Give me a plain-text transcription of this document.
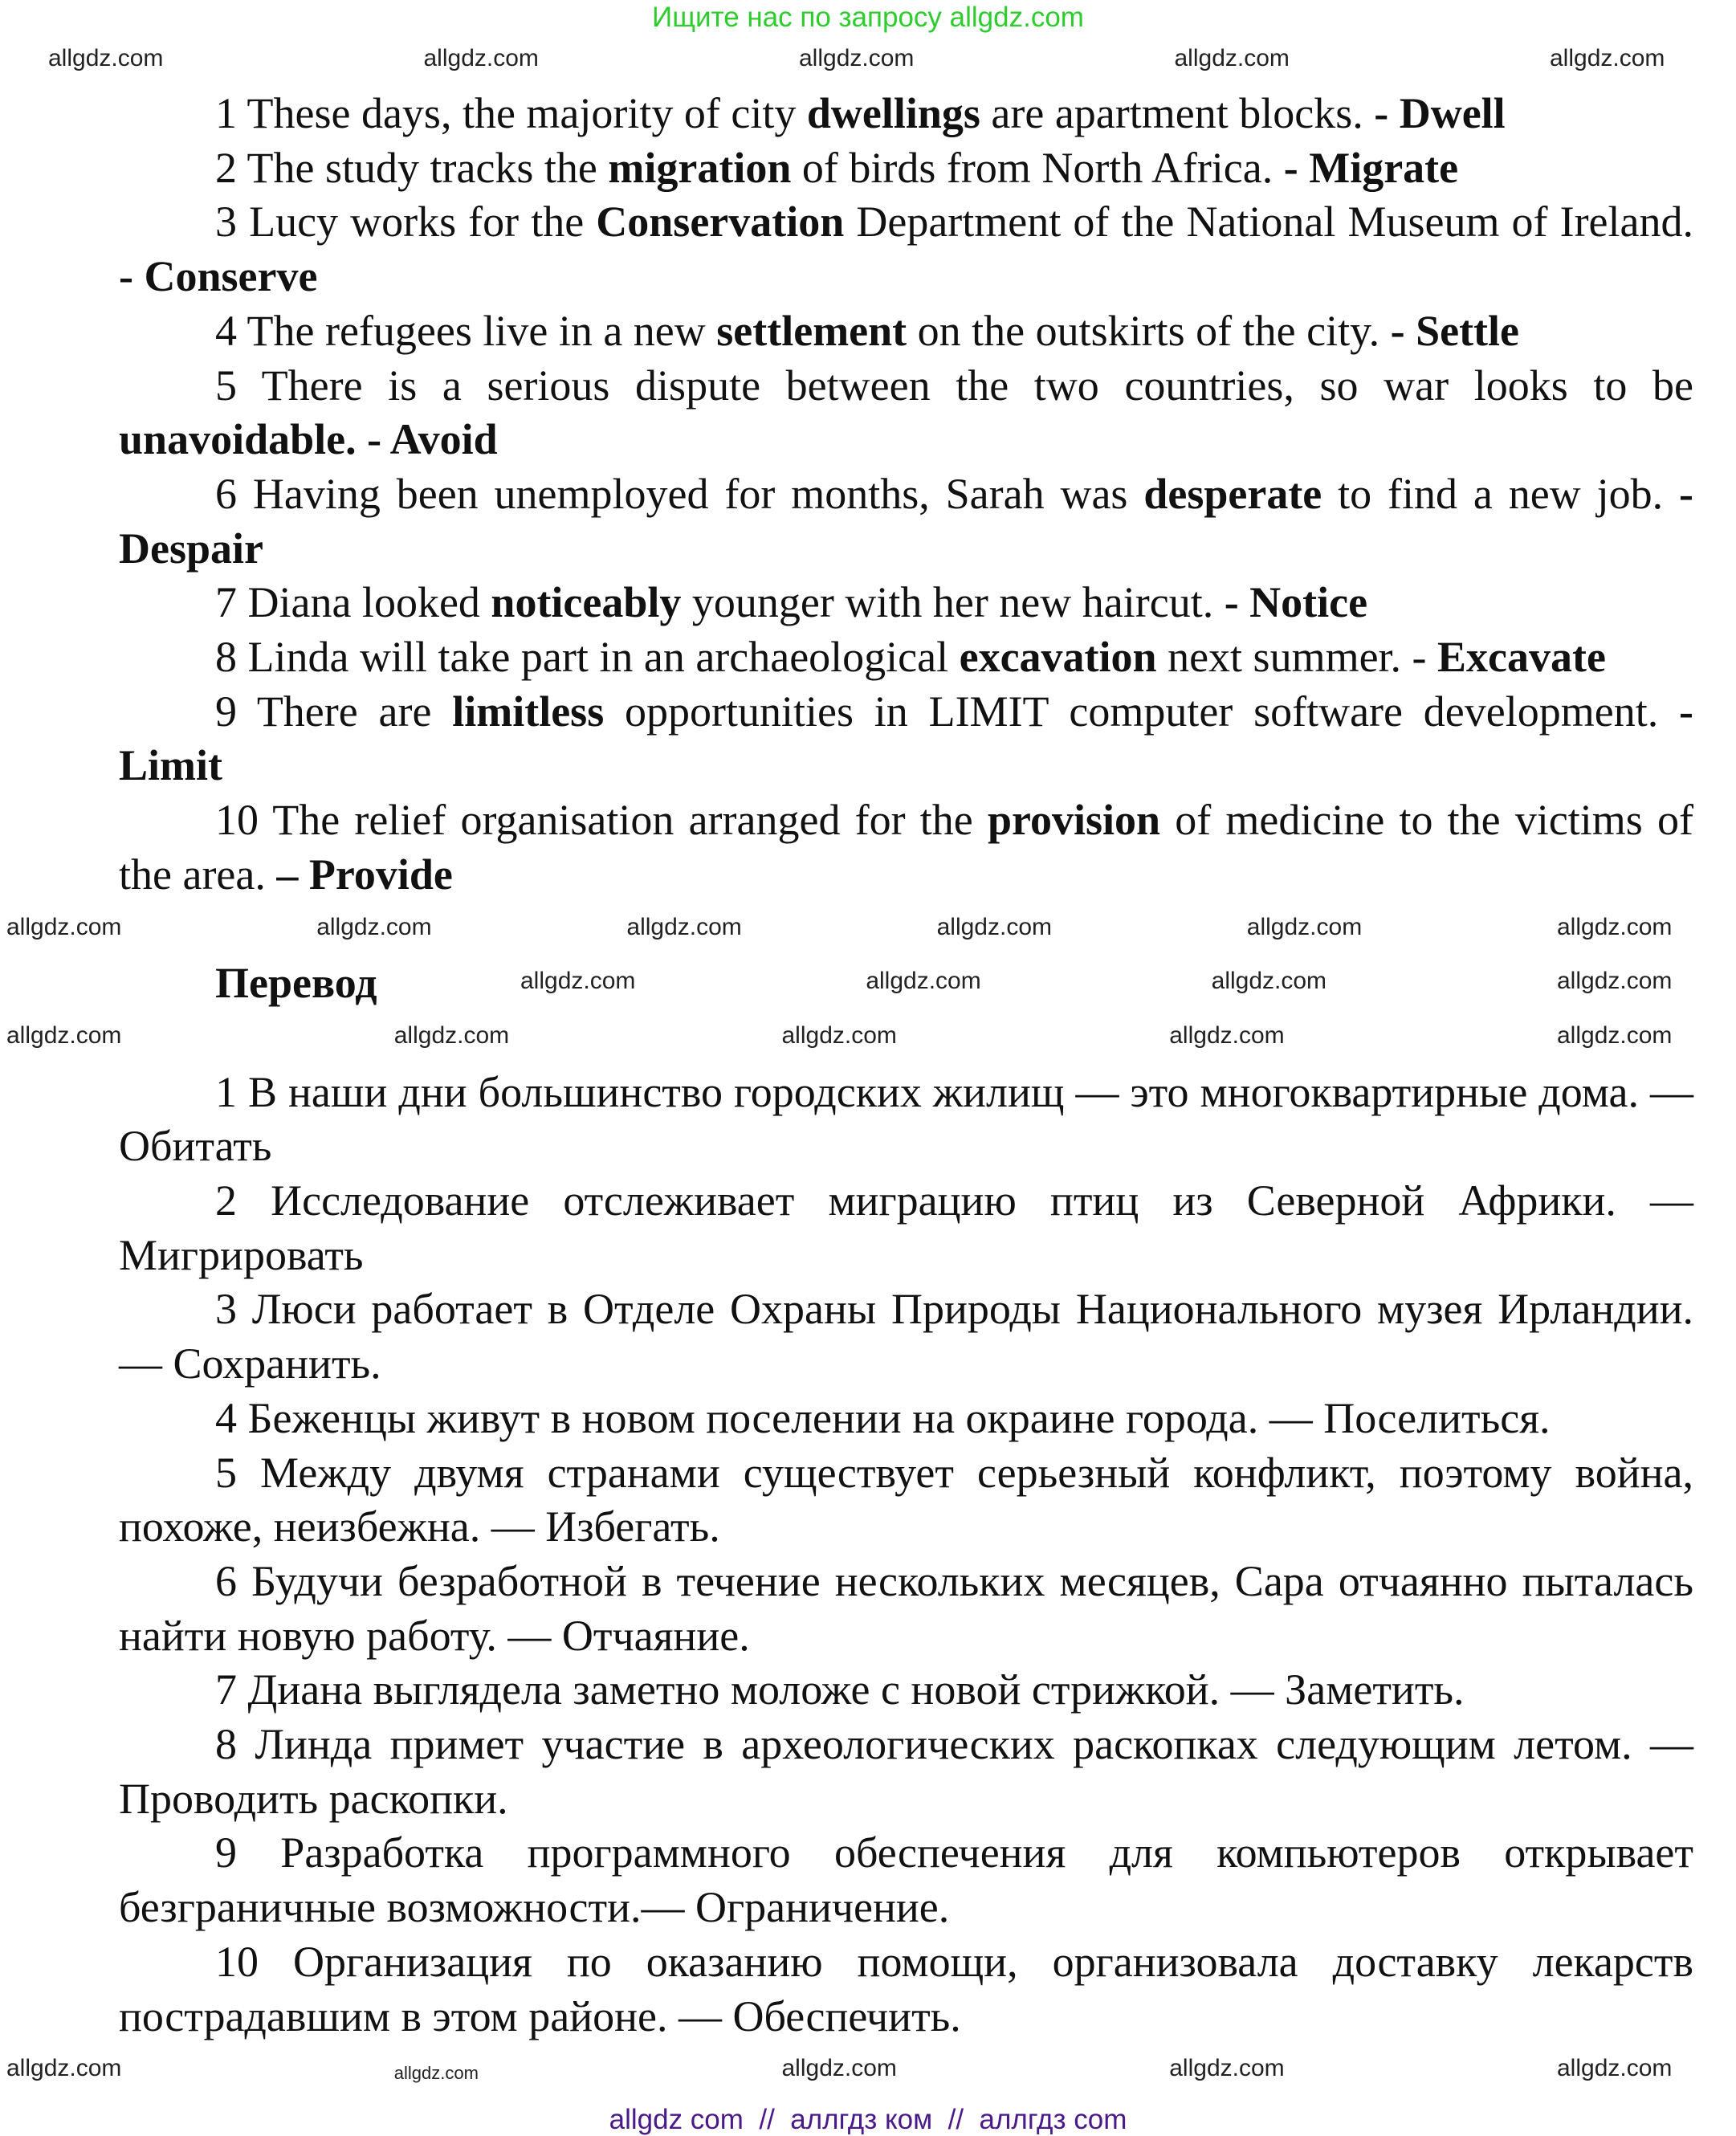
Ищите нас по запросу allgdz.com
allgdz.com	allgdz.com	allgdz.com	allgdz.com	allgdz.com

1 These days, the majority of city dwellings are apartment blocks. - Dwell

2 The study tracks the migration of birds from North Africa. - Migrate

3 Lucy works for the Conservation Department of the National Museum of Ireland. - Conserve

4 The refugees live in a new settlement on the outskirts of the city. - Settle

5 There is a serious dispute between the two countries, so war looks to be unavoidable. - Avoid

6 Having been unemployed for months, Sarah was desperate to find a new job. - Despair

7 Diana looked noticeably younger with her new haircut. - Notice

8 Linda will take part in an archaeological excavation next summer. - Excavate

9 There are limitless opportunities in LIMIT computer software development. - Limit

10 The relief organisation arranged for the provision of medicine to the victims of the area. – Provide

allgdz.com	allgdz.com	allgdz.com	allgdz.com	allgdz.com	allgdz.com
Перевод	allgdz.com	allgdz.com	allgdz.com	allgdz.com
allgdz.com	allgdz.com	allgdz.com	allgdz.com	allgdz.com

1 В наши дни большинство городских жилищ — это многоквартирные дома. — Обитать

2 Исследование отслеживает миграцию птиц из Северной Африки. — Мигрировать

3 Люси работает в Отделе Охраны Природы Национального музея Ирландии. — Сохранить.

4 Беженцы живут в новом поселении на окраине города. — Поселиться.

5 Между двумя странами существует серьезный конфликт, поэтому война, похоже, неизбежна. — Избегать.

6 Будучи безработной в течение нескольких месяцев, Сара отчаянно пыталась найти новую работу. — Отчаяние.

7 Диана выглядела заметно моложе с новой стрижкой. — Заметить.

8 Линда примет участие в археологических раскопках следующим летом. — Проводить раскопки.

9 Разработка программного обеспечения для компьютеров открывает безграничные возможности.— Ограничение.

10 Организация по оказанию помощи, организовала доставку лекарств пострадавшим в этом районе. — Обеспечить.

allgdz.com	allgdz.com	allgdz.com	allgdz.com	allgdz.com
allgdz com  //  аллгдз ком  //  аллгдз com
